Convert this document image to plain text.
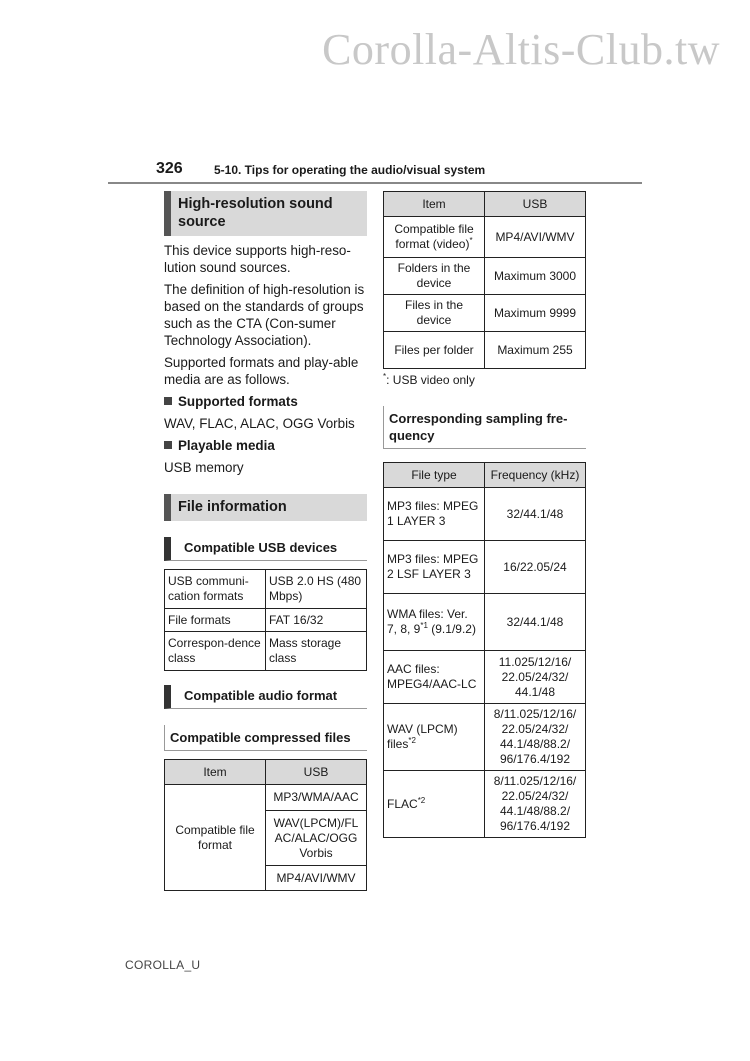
Corolla-Altis-Club.tw
326	5-10. Tips for operating the audio/visual system
High-resolution sound source

This device supports high-reso-lution sound sources.

The definition of high-resolution is based on the standards of groups such as the CTA (Con-sumer Technology Association).

Supported formats and play-able media are as follows.

Supported formats

WAV, FLAC, ALAC, OGG Vorbis

Playable media

USB memory

File information
Compatible USB devices
USB communi-cation formats	USB 2.0 HS (480 Mbps)
File formats	FAT 16/32
Correspon-dence class	Mass storage class
Compatible audio format
Compatible compressed files
Item	USB
Compatible file format	MP3/WMA/AAC
	WAV(LPCM)/FL AC/ALAC/OGG Vorbis
	MP4/AVI/WMV
Item	USB
Compatible file format (video)*	MP4/AVI/WMV
Folders in the device	Maximum 3000
Files in the device	Maximum 9999
Files per folder	Maximum 255
*: USB video only
Corresponding sampling fre-quency
File type	Frequency (kHz)
MP3 files: MPEG 1 LAYER 3	32/44.1/48
MP3 files: MPEG 2 LSF LAYER 3	16/22.05/24
WMA files: Ver. 7, 8, 9$^{*1}$ (9.1/9.2)	32/44.1/48
AAC files: MPEG4/AAC-LC	11.025/12/16/ 22.05/24/32/ 44.1/48
WAV (LPCM) files$^{*2}$	8/11.025/12/16/ 22.05/24/32/ 44.1/48/88.2/ 96/176.4/192
FLAC$^{*2}$	8/11.025/12/16/ 22.05/24/32/ 44.1/48/88.2/ 96/176.4/192
COROLLA_U
